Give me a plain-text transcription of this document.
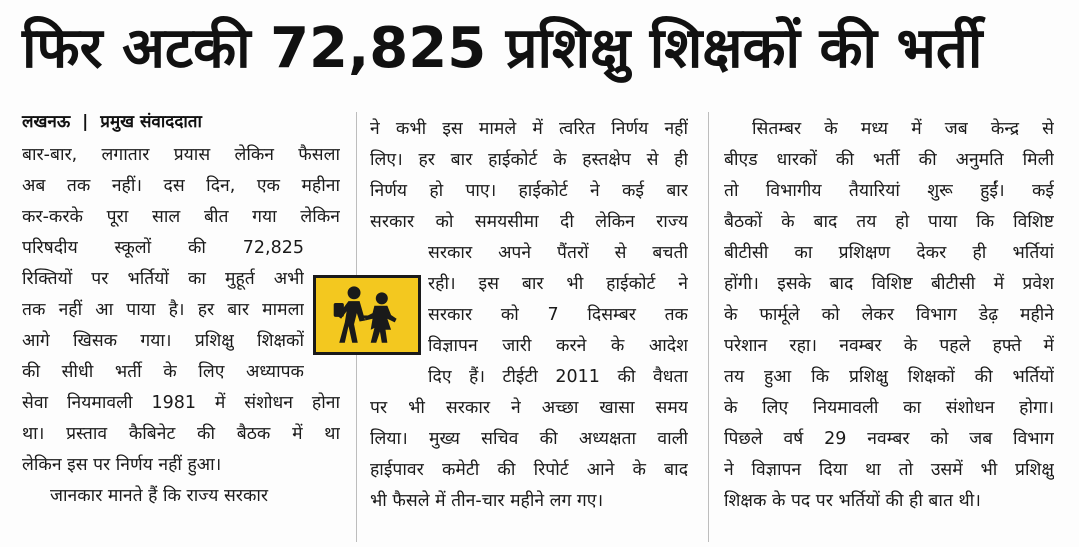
फिर अटकी 72,825 प्रशिक्षु शिक्षकों की भर्ती
लखनऊ | प्रमुख संवाददाता
बार-बार, लगातार प्रयास लेकिन फैसला
अब तक नहीं। दस दिन, एक महीना
कर-करके पूरा साल बीत गया लेकिन
परिषदीय स्कूलों की 72,825
रिक्तियों पर भर्तियों का मुहूर्त अभी
तक नहीं आ पाया है। हर बार मामला
आगे खिसक गया। प्रशिक्षु शिक्षकों
की सीधी भर्ती के लिए अध्यापक
सेवा नियमावली 1981 में संशोधन होना
था। प्रस्ताव कैबिनेट की बैठक में था
लेकिन इस पर निर्णय नहीं हुआ।
जानकार मानते हैं कि राज्य सरकार
ने कभी इस मामले में त्वरित निर्णय नहीं
लिए। हर बार हाईकोर्ट के हस्तक्षेप से ही
निर्णय हो पाए। हाईकोर्ट ने कई बार
सरकार को समयसीमा दी लेकिन राज्य
सरकार अपने पैंतरों से बचती
रही। इस बार भी हाईकोर्ट ने
सरकार को 7 दिसम्बर तक
विज्ञापन जारी करने के आदेश
दिए हैं। टीईटी 2011 की वैधता
पर भी सरकार ने अच्छा खासा समय
लिया। मुख्य सचिव की अध्यक्षता वाली
हाईपावर कमेटी की रिपोर्ट आने के बाद
भी फैसले में तीन-चार महीने लग गए।
सितम्बर के मध्य में जब केन्द्र से
बीएड धारकों की भर्ती की अनुमति मिली
तो विभागीय तैयारियां शुरू हुईं। कई
बैठकों के बाद तय हो पाया कि विशिष्ट
बीटीसी का प्रशिक्षण देकर ही भर्तियां
होंगी। इसके बाद विशिष्ट बीटीसी में प्रवेश
के फार्मूले को लेकर विभाग डेढ़ महीने
परेशान रहा। नवम्बर के पहले हफ्ते में
तय हुआ कि प्रशिक्षु शिक्षकों की भर्तियों
के लिए नियमावली का संशोधन होगा।
पिछले वर्ष 29 नवम्बर को जब विभाग
ने विज्ञापन दिया था तो उसमें भी प्रशिक्षु
शिक्षक के पद पर भर्तियों की ही बात थी।
